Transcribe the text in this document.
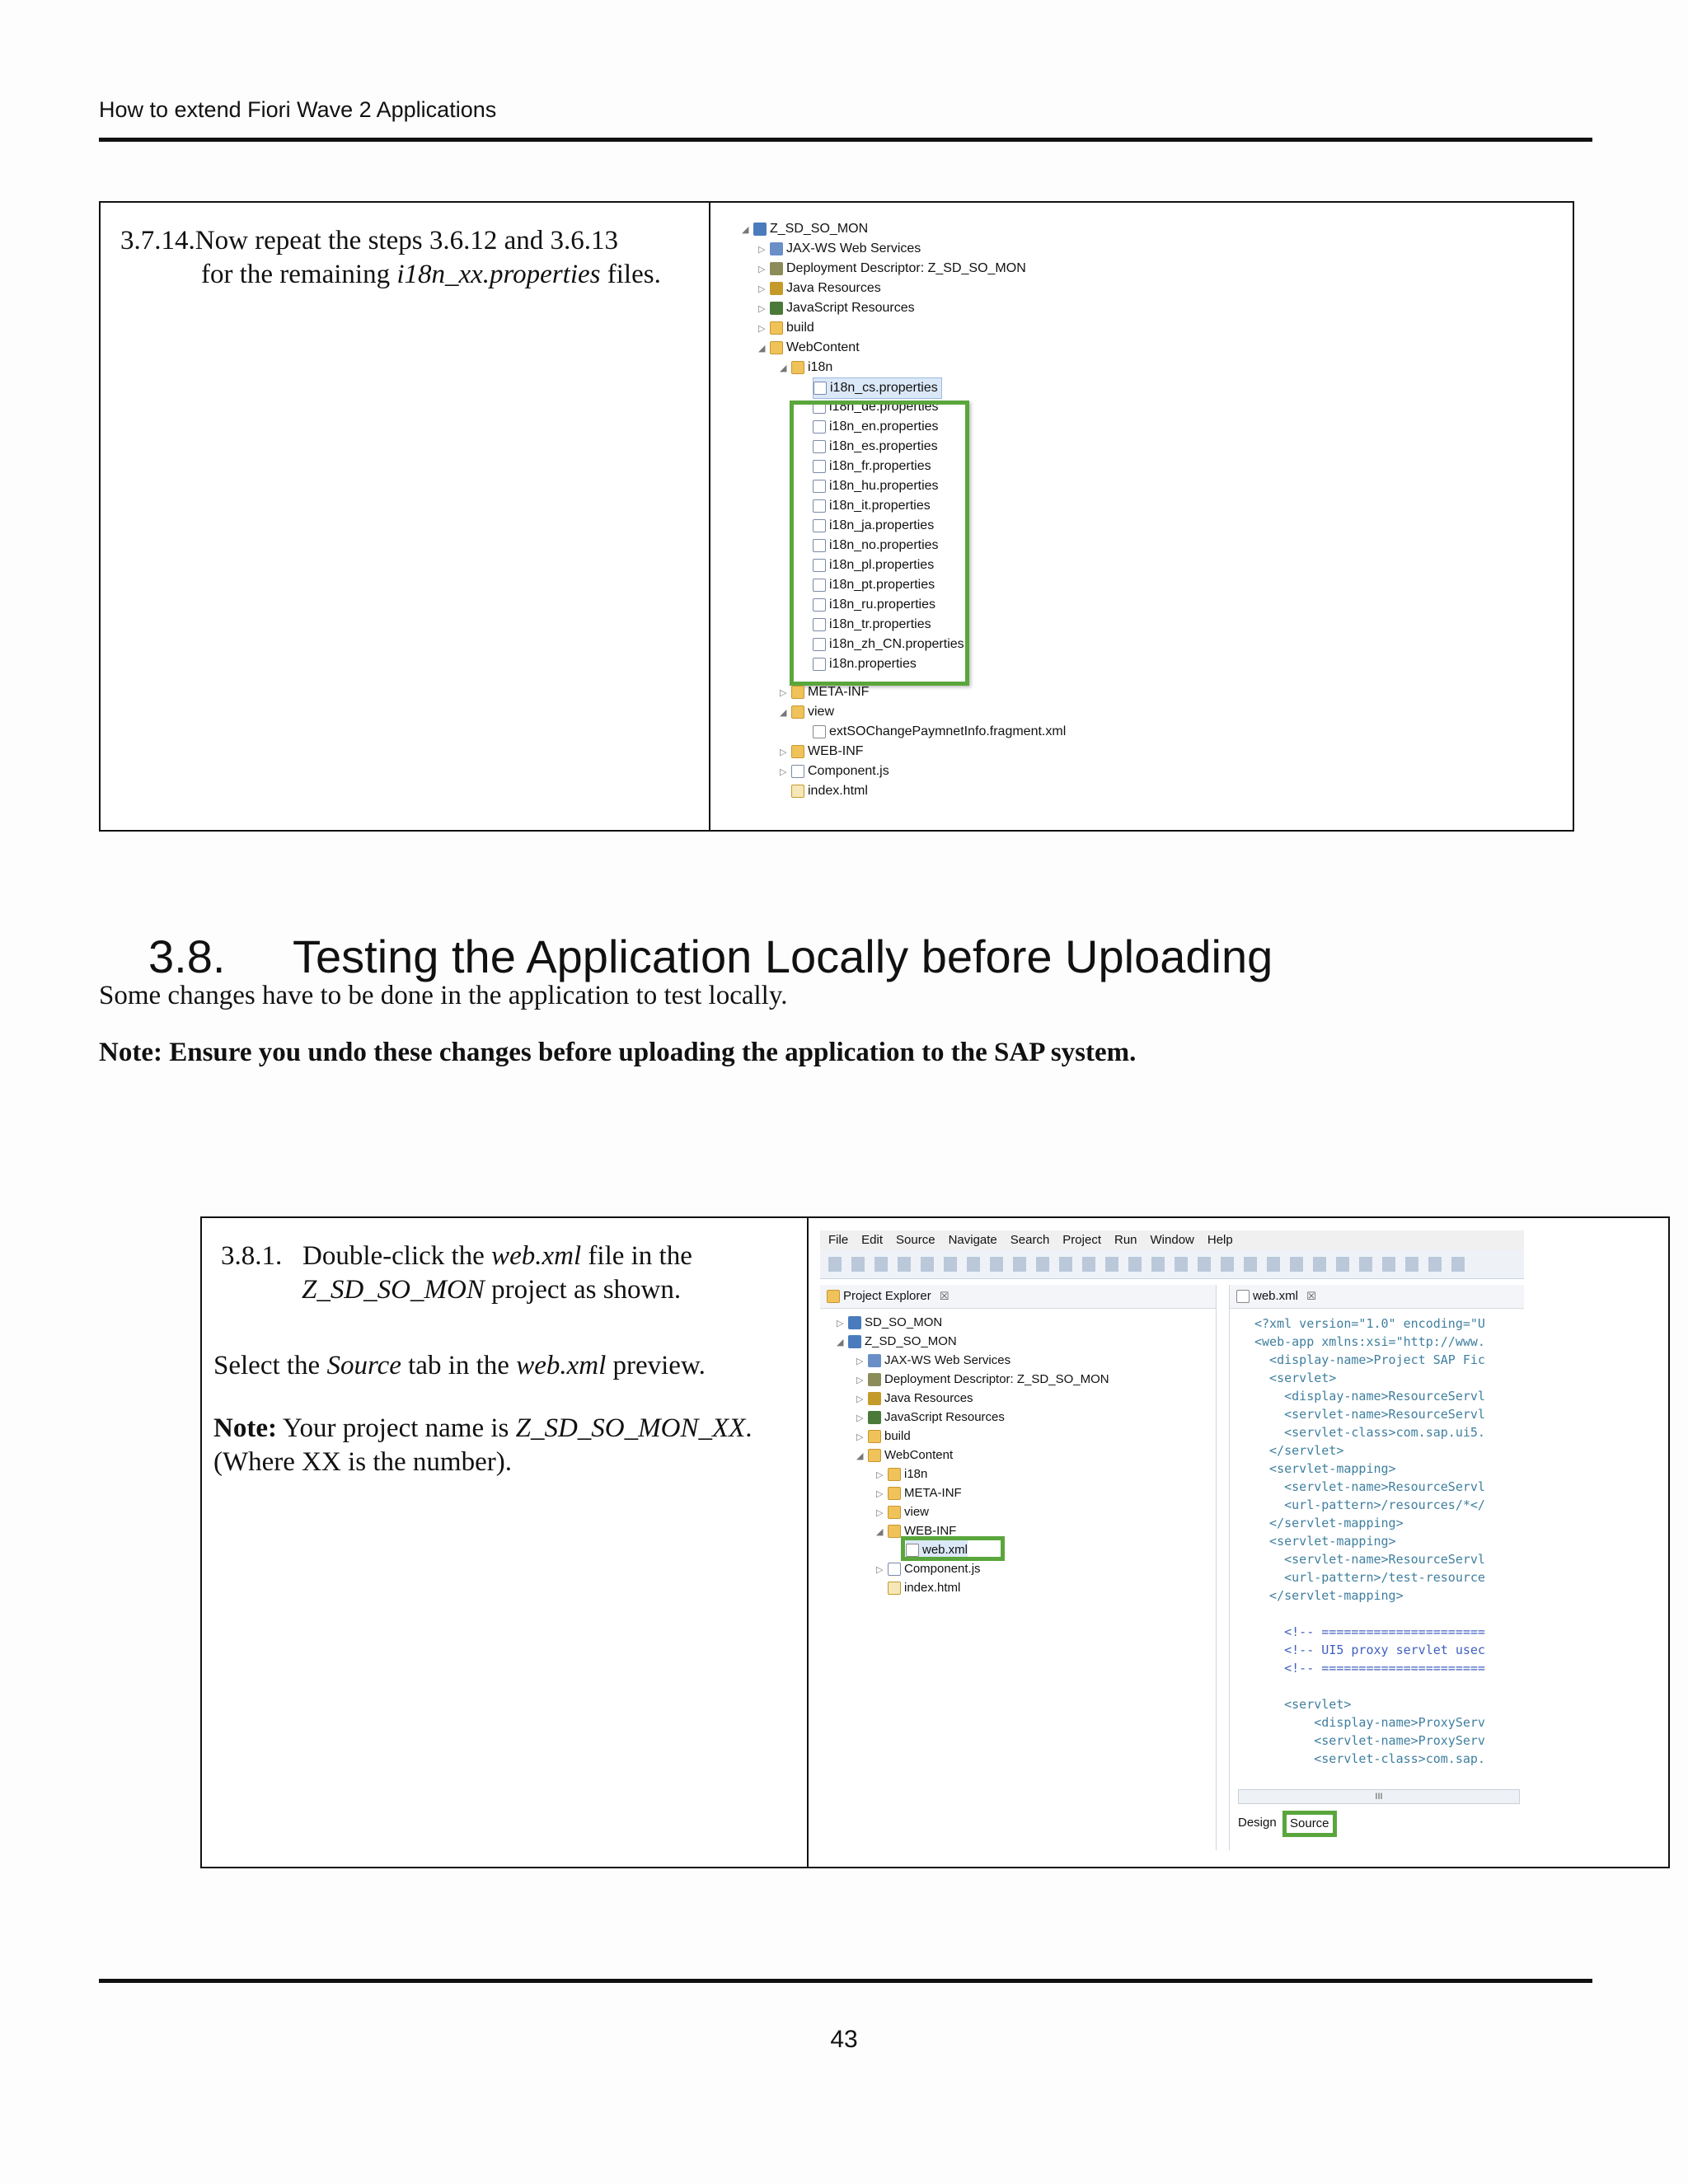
How to extend Fiori Wave 2 Applications
3.7.14.Now repeat the steps 3.6.12 and 3.6.13
for the remaining i18n_xx.properties files.
◢ Z_SD_SO_MON
▷ JAX-WS Web Services
▷ Deployment Descriptor: Z_SD_SO_MON
▷ Java Resources
▷ JavaScript Resources
▷ build
◢ WebContent
◢ i18n
i18n_cs.properties
i18n_de.properties
i18n_en.properties
i18n_es.properties
i18n_fr.properties
i18n_hu.properties
i18n_it.properties
i18n_ja.properties
i18n_no.properties
i18n_pl.properties
i18n_pt.properties
i18n_ru.properties
i18n_tr.properties
i18n_zh_CN.properties
i18n.properties
▷ META-INF
◢ view
extSOChangePaymnetInfo.fragment.xml
▷ WEB-INF
▷ Component.js
index.html
3.8. Testing the Application Locally before Uploading
Some changes have to be done in the application to test locally.
Note: Ensure you undo these changes before uploading the application to the SAP system.
3.8.1. Double-click the web.xml file in the
Z_SD_SO_MON project as shown.
Select the Source tab in the web.xml preview.
Note: Your project name is Z_SD_SO_MON_XX.
(Where XX is the number).
File Edit Source Navigate Search Project Run Window Help
Project Explorer ☒
▷ SD_SO_MON
◢ Z_SD_SO_MON
▷ JAX-WS Web Services
▷ Deployment Descriptor: Z_SD_SO_MON
▷ Java Resources
▷ JavaScript Resources
▷ build
◢ WebContent
▷ i18n
▷ META-INF
▷ view
◢ WEB-INF
web.xml
▷ Component.js
index.html
web.xml ☒
<?xml version="1.0" encoding="U
<web-app xmlns:xsi="http://www.
<display-name>Project SAP Fic
<servlet>
<display-name>ResourceServl
<servlet-name>ResourceServl
<servlet-class>com.sap.ui5.
</servlet>
<servlet-mapping>
<servlet-name>ResourceServl
<url-pattern>/resources/*</
</servlet-mapping>
<servlet-mapping>
<servlet-name>ResourceServl
<url-pattern>/test-resource
</servlet-mapping>
<!-- ======================
<!-- UI5 proxy servlet usec
<!-- ======================
<servlet>
<display-name>ProxyServ
<servlet-name>ProxyServ
<servlet-class>com.sap.
III
Design	Source
43
